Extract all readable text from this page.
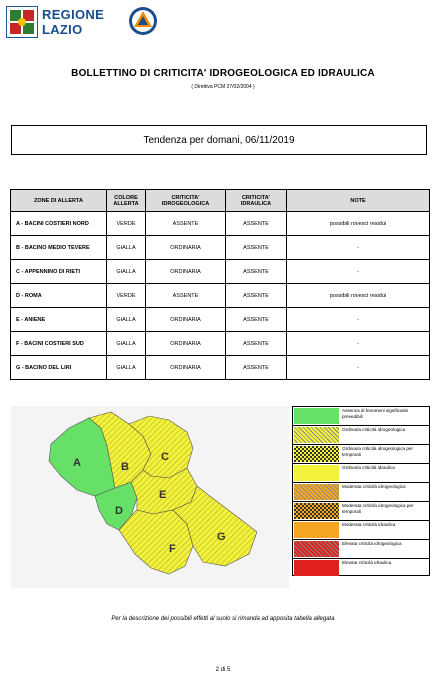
REGIONE
LAZIO
BOLLETTINO DI CRITICITA' IDROGEOLOGICA ED IDRAULICA
( Direttiva PCM 27/02/2004 )
Tendenza per domani, 06/11/2019
ZONE DI ALLERTA	COLORE ALLERTA	CRITICITA' IDROGEOLOGICA	CRITICITA' IDRAULICA	NOTE
A - BACINI COSTIERI NORD	VERDE	ASSENTE	ASSENTE	possibili rovesci residui
B - BACINO MEDIO TEVERE	GIALLA	ORDINARIA	ASSENTE	-
C - APPENNINO DI RIETI	GIALLA	ORDINARIA	ASSENTE	-
D - ROMA	VERDE	ASSENTE	ASSENTE	possibili rovesci residui
E - ANIENE	GIALLA	ORDINARIA	ASSENTE	-
F - BACINI COSTIERI SUD	GIALLA	ORDINARIA	ASSENTE	-
G - BACINO DEL LIRI	GIALLA	ORDINARIA	ASSENTE	-
A	B
C
D
E
F
G
Assenza di fenomeni significativi prevedibili
Ordinaria criticità idrogeologica
Ordinaria criticità idrogeologica per temporali
Ordinaria criticità idraulica
Moderata criticità idrogeologica
Moderata criticità idrogeologica per temporali
Moderata criticità idraulica
Elevata criticità idrogeologica
Elevata criticità idraulica
Per la descrizione dei possibili effetti al suolo si rimanda ad apposita tabella allegata
2 di 5
